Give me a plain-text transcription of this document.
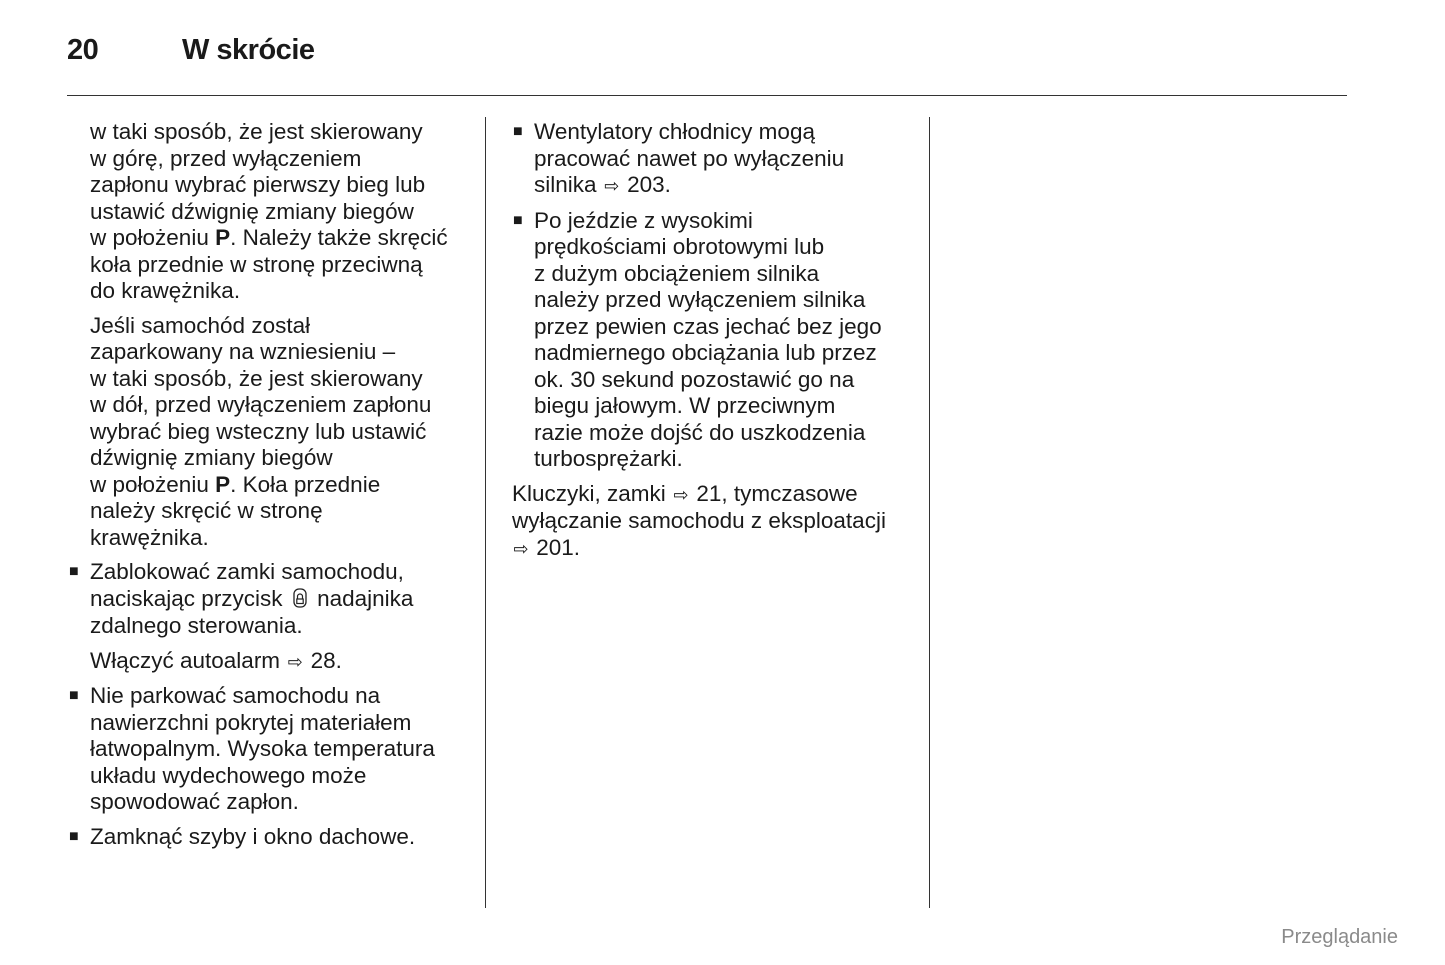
20	W skrócie
w taki sposób, że jest skierowany
w górę, przed wyłączeniem
zapłonu wybrać pierwszy bieg lub
ustawić dźwignię zmiany biegów
w położeniu P. Należy także skręcić
koła przednie w stronę przeciwną
do krawężnika.
Jeśli samochód został
zaparkowany na wzniesieniu –
w taki sposób, że jest skierowany
w dół, przed wyłączeniem zapłonu
wybrać bieg wsteczny lub ustawić
dźwignię zmiany biegów
w położeniu P. Koła przednie
należy skręcić w stronę
krawężnika.
■ Zablokować zamki samochodu,
naciskając przycisk  nadajnika
zdalnego sterowania.
Włączyć autoalarm ⇨ 28.
■ Nie parkować samochodu na
nawierzchni pokrytej materiałem
łatwopalnym. Wysoka temperatura
układu wydechowego może
spowodować zapłon.
■ Zamknąć szyby i okno dachowe.
■ Wentylatory chłodnicy mogą
pracować nawet po wyłączeniu
silnika ⇨ 203.
■ Po jeździe z wysokimi
prędkościami obrotowymi lub
z dużym obciążeniem silnika
należy przed wyłączeniem silnika
przez pewien czas jechać bez jego
nadmiernego obciążania lub przez
ok. 30 sekund pozostawić go na
biegu jałowym. W przeciwnym
razie może dojść do uszkodzenia
turbosprężarki.
Kluczyki, zamki ⇨ 21, tymczasowe
wyłączanie samochodu z eksploatacji
⇨ 201.
Przeglądanie
